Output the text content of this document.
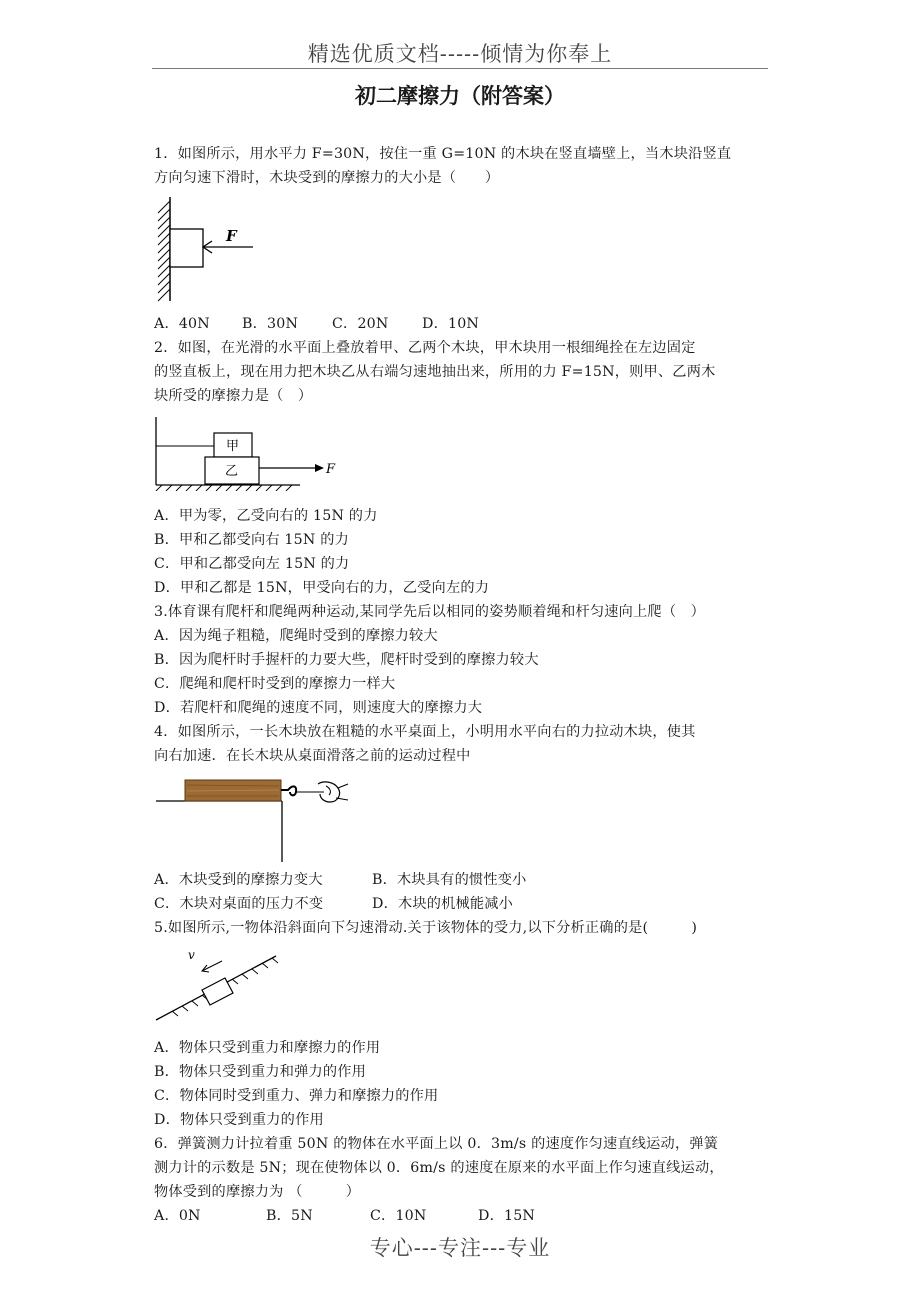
精选优质文档-----倾情为你奉上
初二摩擦力（附答案）
1．如图所示，用水平力 F=30N，按住一重 G=10N 的木块在竖直墙壁上，当木块沿竖直
方向匀速下滑时，木块受到的摩擦力的大小是（　　）
F
A．40N B．30N C．20N D．10N
2．如图，在光滑的水平面上叠放着甲、乙两个木块，甲木块用一根细绳拴在左边固定
的竖直板上，现在用力把木块乙从右端匀速地抽出来，所用的力 F=15N，则甲、乙两木
块所受的摩擦力是（　）
甲
乙	F
A．甲为零，乙受向右的 15N 的力
B．甲和乙都受向右 15N 的力
C．甲和乙都受向左 15N 的力
D．甲和乙都是 15N，甲受向右的力，乙受向左的力
3.体育课有爬杆和爬绳两种运动,某同学先后以相同的姿势顺着绳和杆匀速向上爬（　）
A．因为绳子粗糙，爬绳时受到的摩擦力较大
B．因为爬杆时手握杆的力要大些，爬杆时受到的摩擦力较大
C．爬绳和爬杆时受到的摩擦力一样大
D．若爬杆和爬绳的速度不同，则速度大的摩擦力大
4．如图所示，一长木块放在粗糙的水平桌面上，小明用水平向右的力拉动木块，使其
向右加速．在长木块从桌面滑落之前的运动过程中
A．木块受到的摩擦力变大	B．木块具有的惯性变小
C．木块对桌面的压力不变	D．木块的机械能减小
5.如图所示,一物体沿斜面向下匀速滑动.关于该物体的受力,以下分析正确的是(　　　)
v
A．物体只受到重力和摩擦力的作用
B．物体只受到重力和弹力的作用
C．物体同时受到重力、弹力和摩擦力的作用
D．物体只受到重力的作用
6．弹簧测力计拉着重 50N 的物体在水平面上以 0．3m/s 的速度作匀速直线运动，弹簧
测力计的示数是 5N；现在使物体以 0．6m/s 的速度在原来的水平面上作匀速直线运动，
物体受到的摩擦力为 （　　　）
A．0N	B．5N	C．10N	D．15N
专心---专注---专业
